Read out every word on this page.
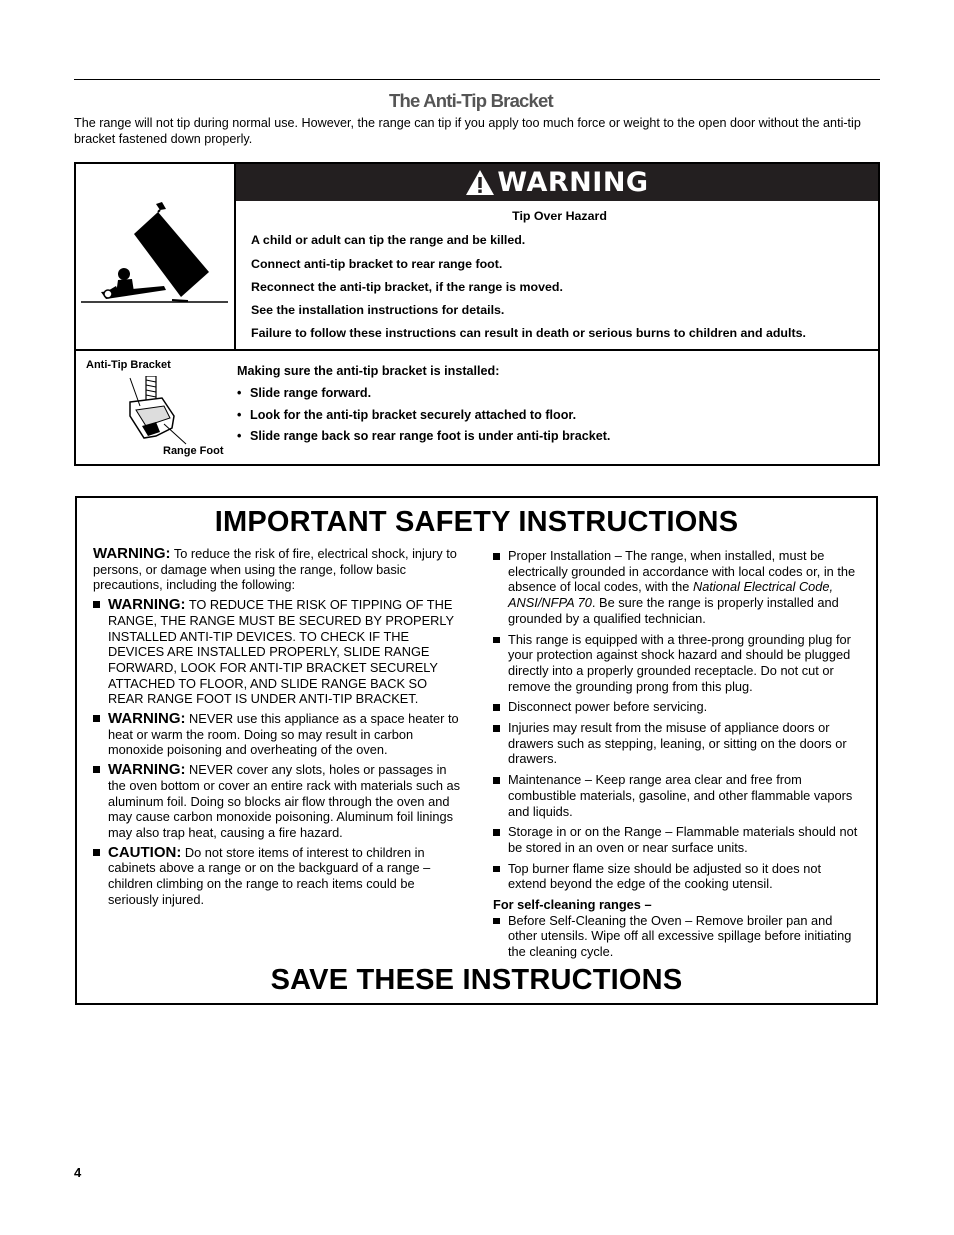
The Anti-Tip Bracket

The range will not tip during normal use. However, the range can tip if you apply too much force or weight to the open door without the anti-tip bracket fastened down properly.

WARNING

Tip Over Hazard

A child or adult can tip the range and be killed.

Connect anti-tip bracket to rear range foot.

Reconnect the anti-tip bracket, if the range is moved.

See the installation instructions for details.

Failure to follow these instructions can result in death or serious burns to children and adults.

Anti-Tip Bracket
Range Foot

Making sure the anti-tip bracket is installed:

• Slide range forward.
• Look for the anti-tip bracket securely attached to floor.
• Slide range back so rear range foot is under anti-tip bracket.
IMPORTANT SAFETY INSTRUCTIONS

WARNING: To reduce the risk of fire, electrical shock, injury to persons, or damage when using the range, follow basic precautions, including the following:

WARNING: TO REDUCE THE RISK OF TIPPING OF THE RANGE, THE RANGE MUST BE SECURED BY PROPERLY INSTALLED ANTI-TIP DEVICES. TO CHECK IF THE DEVICES ARE INSTALLED PROPERLY, SLIDE RANGE FORWARD, LOOK FOR ANTI-TIP BRACKET SECURELY ATTACHED TO FLOOR, AND SLIDE RANGE BACK SO REAR RANGE FOOT IS UNDER ANTI-TIP BRACKET.
WARNING: NEVER use this appliance as a space heater to heat or warm the room. Doing so may result in carbon monoxide poisoning and overheating of the oven.
WARNING: NEVER cover any slots, holes or passages in the oven bottom or cover an entire rack with materials such as aluminum foil. Doing so blocks air flow through the oven and may cause carbon monoxide poisoning. Aluminum foil linings may also trap heat, causing a fire hazard.
CAUTION: Do not store items of interest to children in cabinets above a range or on the backguard of a range – children climbing on the range to reach items could be seriously injured.
Proper Installation – The range, when installed, must be electrically grounded in accordance with local codes or, in the absence of local codes, with the National Electrical Code, ANSI/NFPA 70. Be sure the range is properly installed and grounded by a qualified technician.
This range is equipped with a three-prong grounding plug for your protection against shock hazard and should be plugged directly into a properly grounded receptacle. Do not cut or remove the grounding prong from this plug.
Disconnect power before servicing.
Injuries may result from the misuse of appliance doors or drawers such as stepping, leaning, or sitting on the doors or drawers.
Maintenance – Keep range area clear and free from combustible materials, gasoline, and other flammable vapors and liquids.
Storage in or on the Range – Flammable materials should not be stored in an oven or near surface units.
Top burner flame size should be adjusted so it does not extend beyond the edge of the cooking utensil.

For self-cleaning ranges –

Before Self-Cleaning the Oven – Remove broiler pan and other utensils. Wipe off all excessive spillage before initiating the cleaning cycle.
SAVE THESE INSTRUCTIONS

4
